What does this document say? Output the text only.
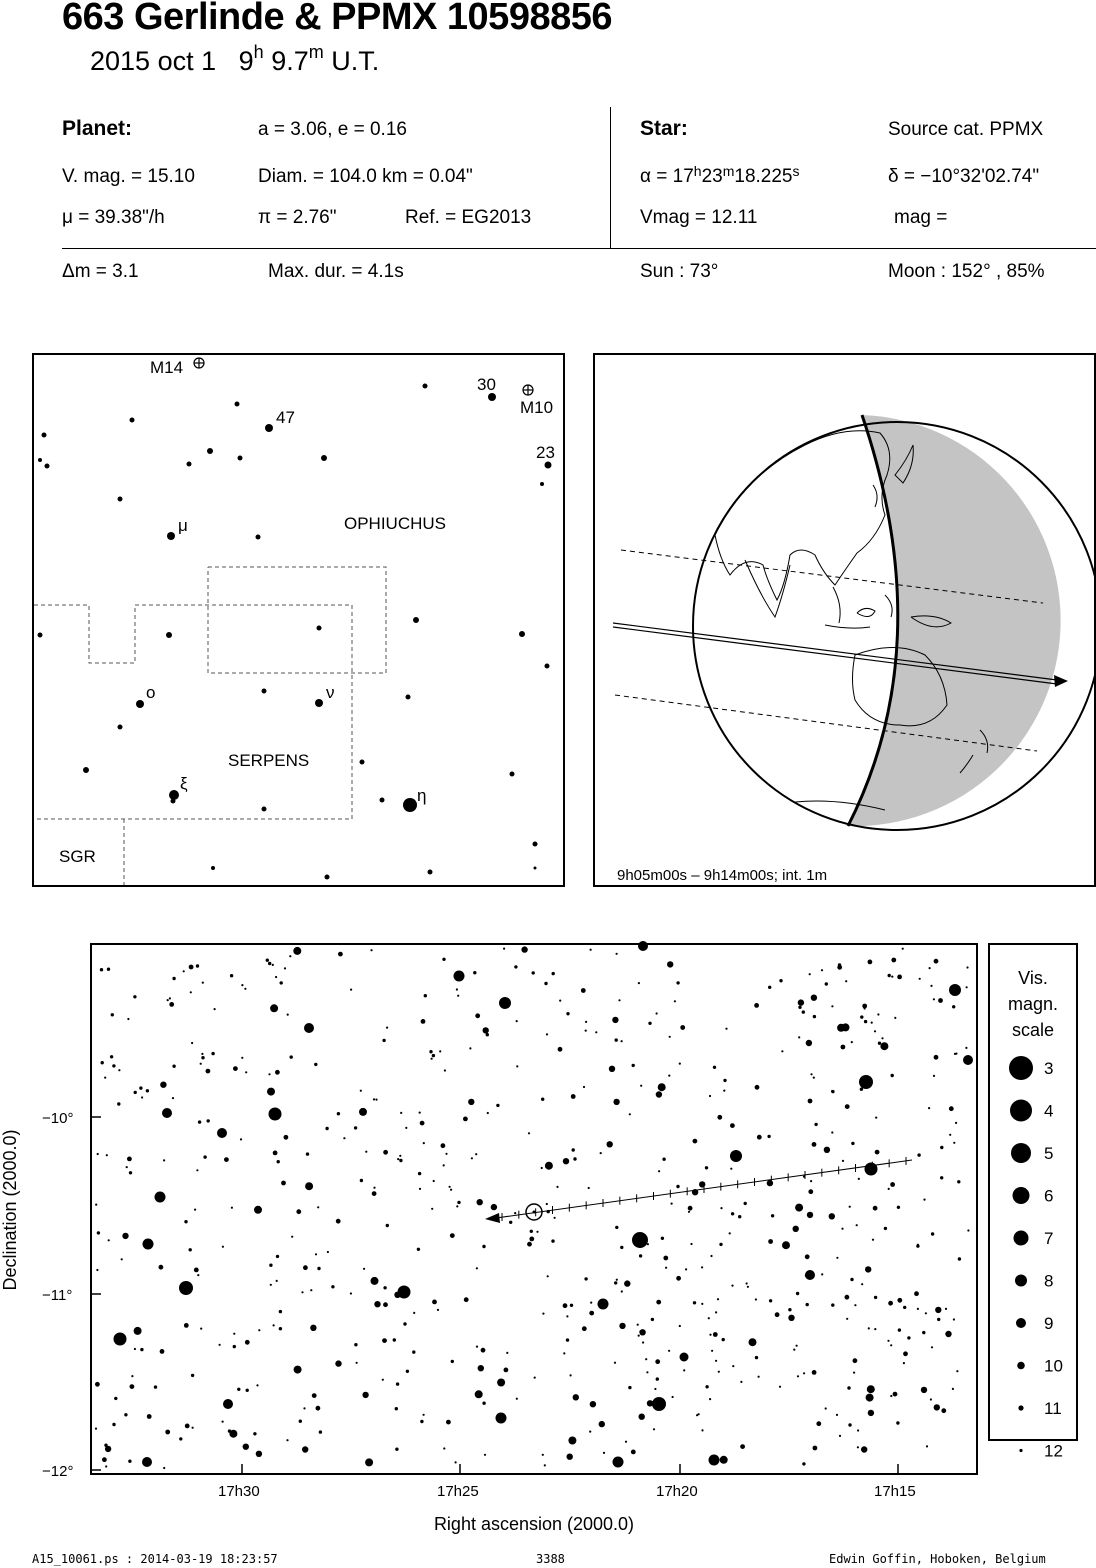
663 Gerlinde & PPMX 10598856
2015 oct 1 9$^h$ 9.7$^m$ U.T.
Planet:	a = 3.06, e = 0.16
V. mag. = 15.10	Diam. = 104.0 km = 0.04"
μ = 39.38"/h	π = 2.76"	Ref. = EG2013
Star:	Source cat. PPMX
$\alpha = 17^h23^m18.225^s$	δ = −10°32'02.74"
Vmag = 12.11	mag =
Δm = 3.1	Max. dur. = 4.1s	Sun : 73°	Moon : 152° , 85%
M14
M10
30
47
23
μ
o	ν
ξ
η
OPHIUCHUS
SERPENS
SGR
9h05m00s – 9h14m00s; int. 1m
−10°
−11°
−12°
17h30	17h25	17h20	17h15
Right ascension (2000.0)
Declination (2000.0)
Vis.
magn.
scale
3
4
5
6
7
8
9
10
11
12
A15_10061.ps : 2014-03-19 18:23:57	3388	Edwin Goffin, Hoboken, Belgium
